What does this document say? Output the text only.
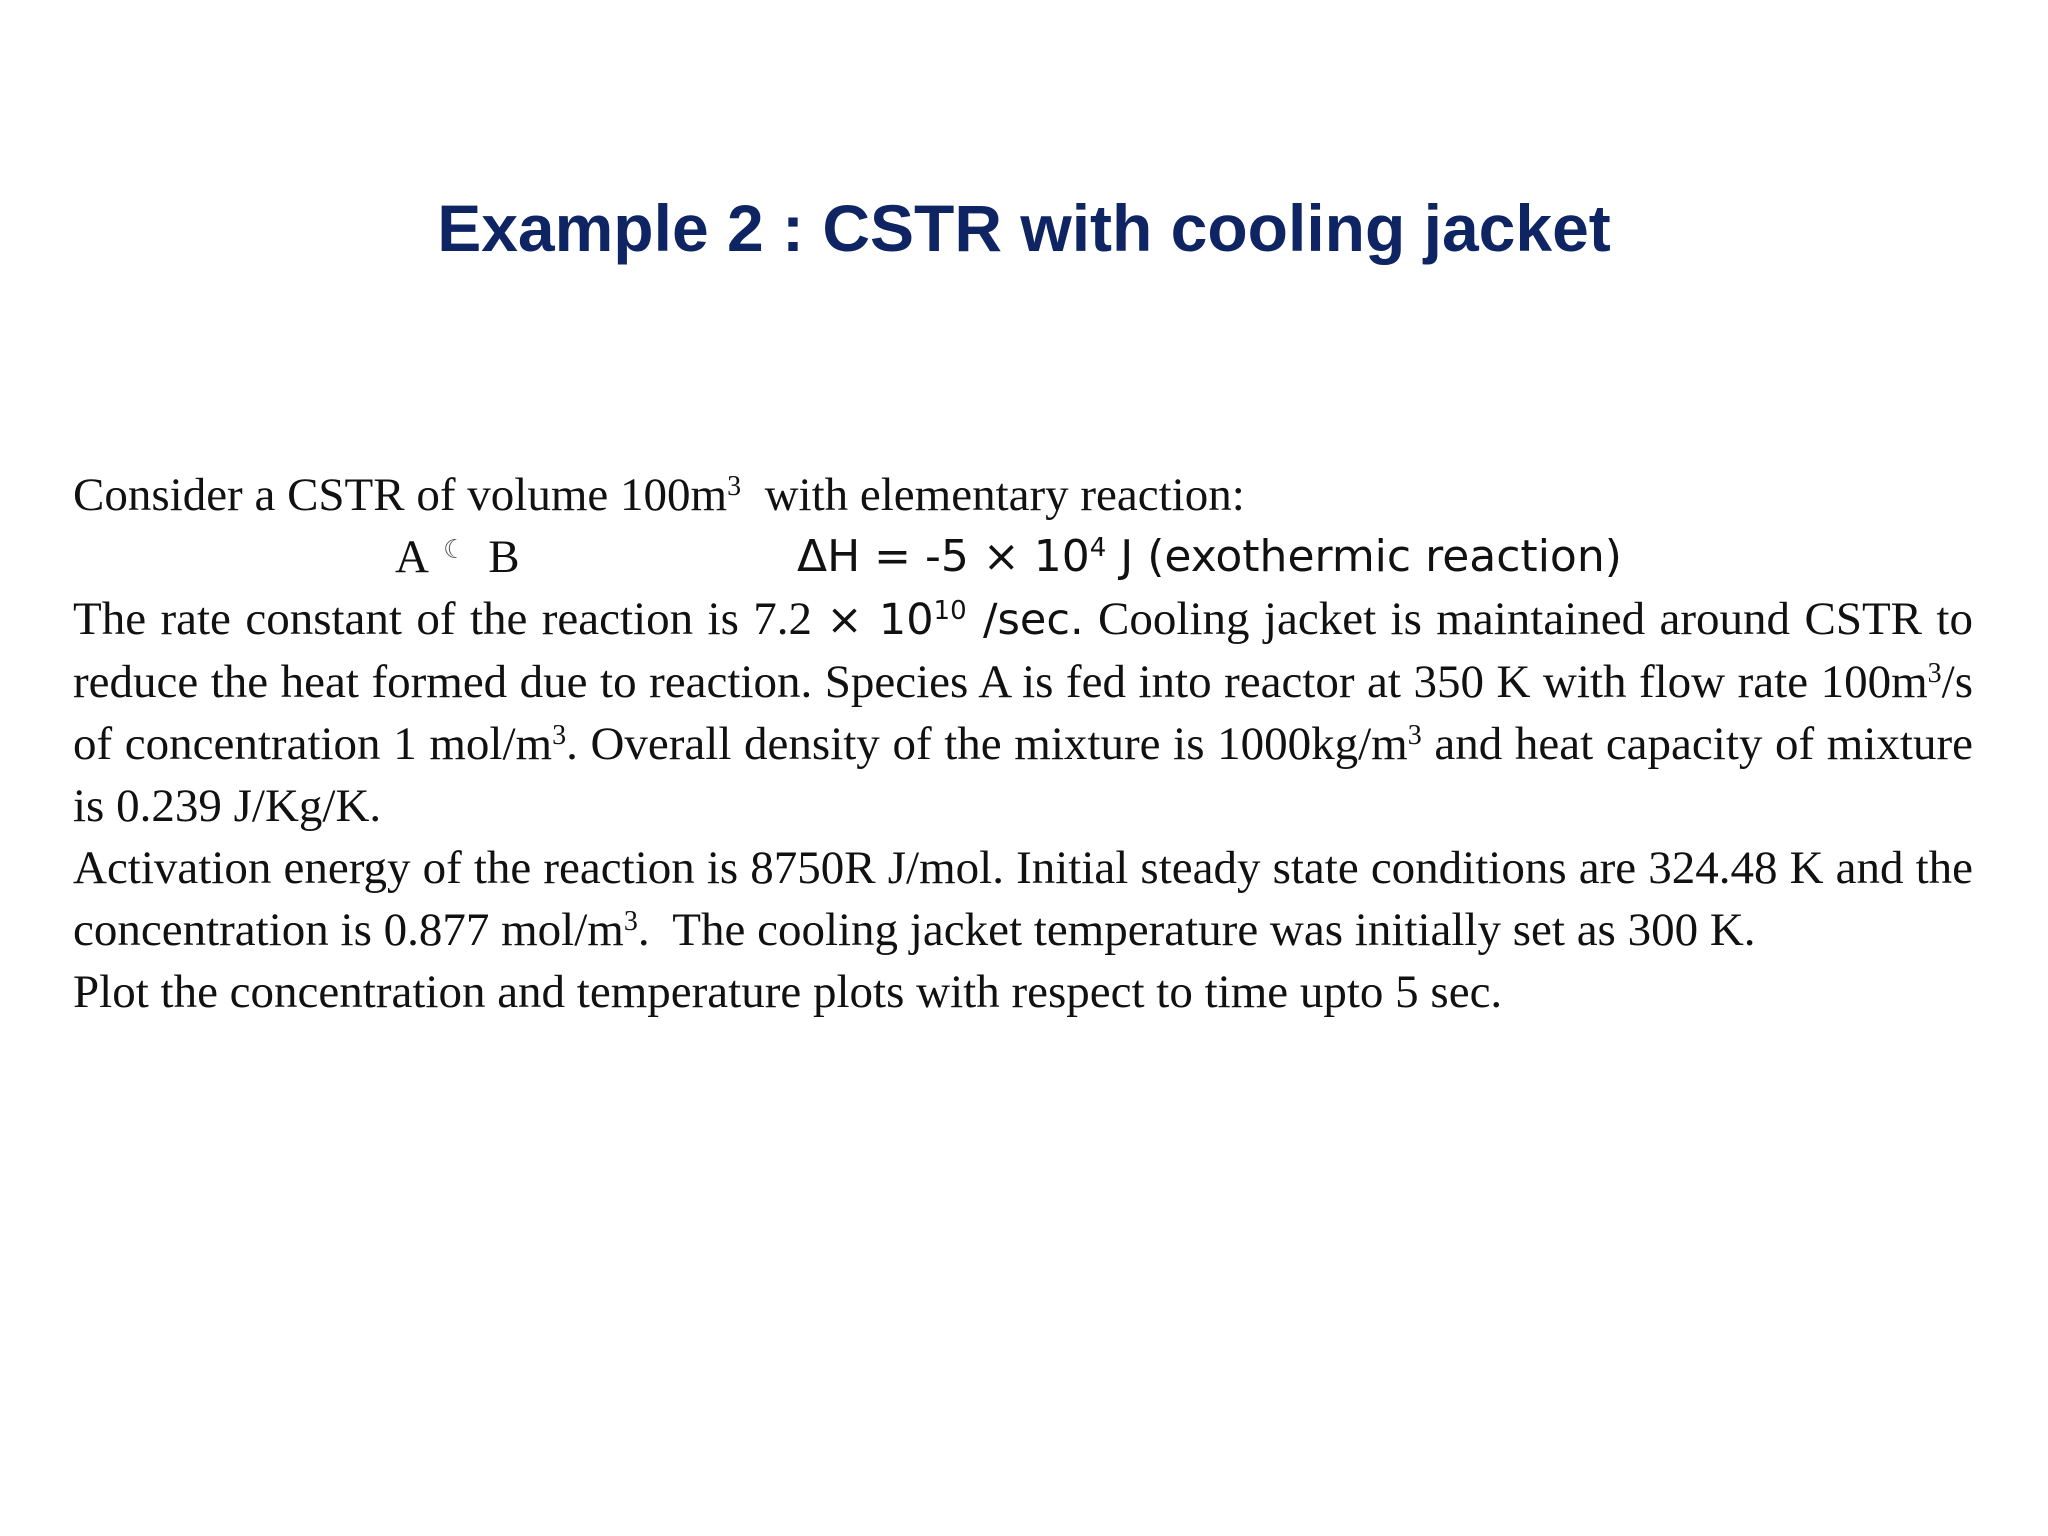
Example 2 : CSTR with cooling jacket
Consider a CSTR of volume $100m^3$  with elementary reaction:
A ☾ B	$\Delta H = -5 \times 10^4$ J (exothermic reaction)
The rate constant of the reaction is $7.2 \times 10^{10}$ /sec. Cooling jacket is maintained around CSTR to reduce the heat formed due to reaction. Species A is fed into reactor at 350 K with flow rate $100m^3/s$ of concentration 1 mol/$m^3$. Overall density of the mixture is $1000kg/m^3$ and heat capacity of mixture is 0.239 J/Kg/K.
Activation energy of the reaction is 8750R J/mol. Initial steady state conditions are 324.48 K and the concentration is 0.877 mol/$m^3$.  The cooling jacket temperature was initially set as 300 K.
Plot the concentration and temperature plots with respect to time upto 5 sec.
